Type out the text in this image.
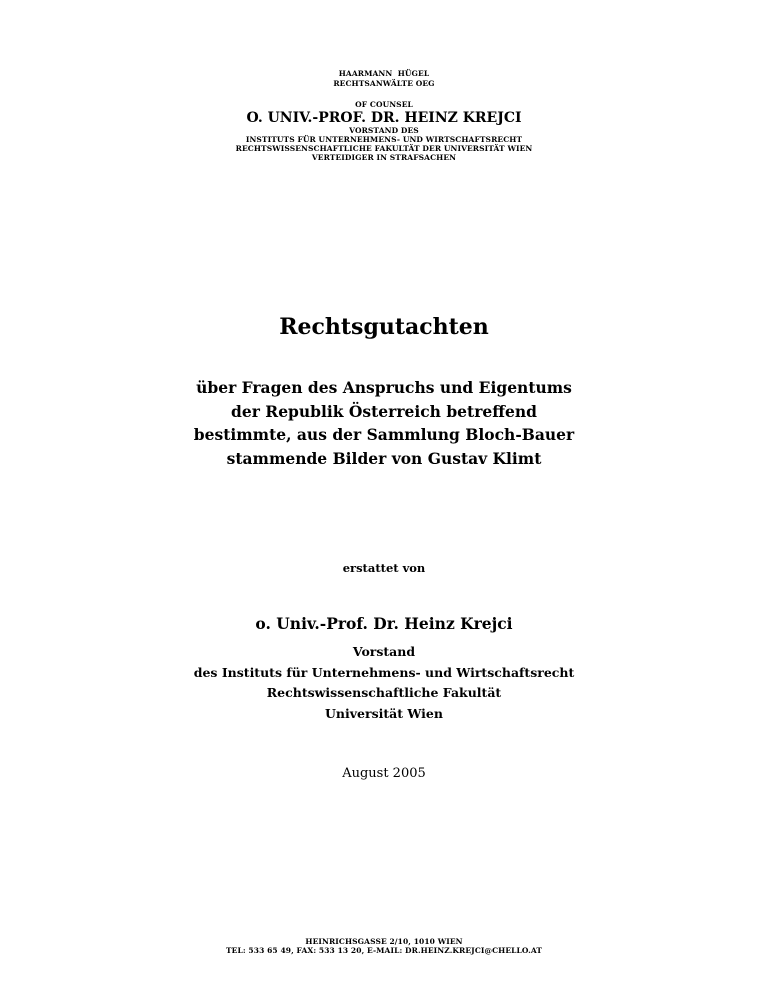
HAARMANN  HÜGEL
RECHTSANWÄLTE OEG
OF COUNSEL
O. UNIV.-PROF. DR. HEINZ KREJCI
VORSTAND DES
INSTITUTS FÜR UNTERNEHMENS- UND WIRTSCHAFTSRECHT
RECHTSWISSENSCHAFTLICHE FAKULTÄT DER UNIVERSITÄT WIEN
VERTEIDIGER IN STRAFSACHEN
Rechtsgutachten
über Fragen des Anspruchs und Eigentums
der Republik Österreich betreffend
bestimmte, aus der Sammlung Bloch-Bauer
stammende Bilder von Gustav Klimt
erstattet von
o. Univ.-Prof. Dr. Heinz Krejci
Vorstand
des Instituts für Unternehmens- und Wirtschaftsrecht
Rechtswissenschaftliche Fakultät
Universität Wien
August 2005
HEINRICHSGASSE 2/10, 1010 WIEN
TEL: 533 65 49, FAX: 533 13 20, E-MAIL: DR.HEINZ.KREJCI@CHELLO.AT
